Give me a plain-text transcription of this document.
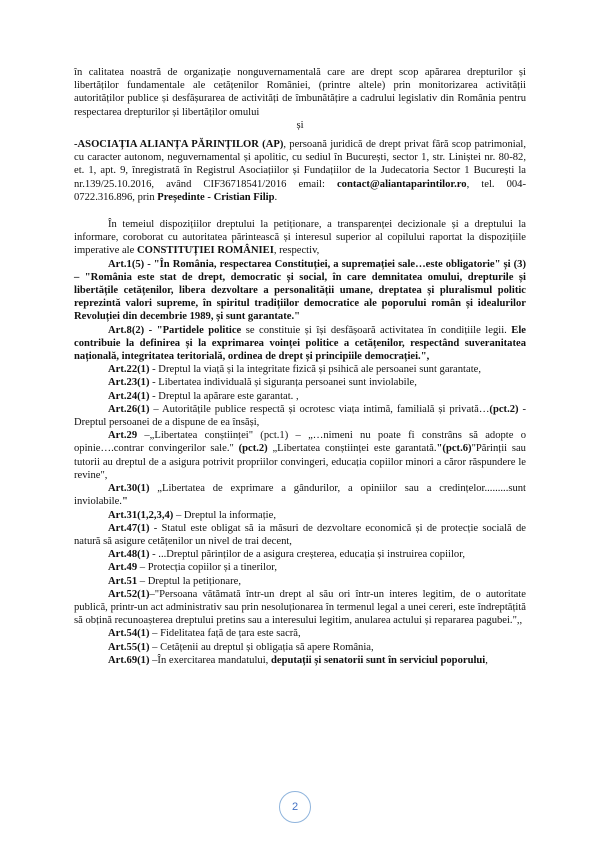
în calitatea noastră de organizație nonguvernamentală care are drept scop apărarea drepturilor și libertăților fundamentale ale cetățenilor României, (printre altele) prin monitorizarea activității autorităților publice și desfășurarea de activități de îmbunătățire a cadrului legislativ din România pentru respectarea drepturilor și libertăților omului

și

-ASOCIAȚIA ALIANȚA PĂRINȚILOR (AP), persoană juridică de drept privat fără scop patrimonial, cu caracter autonom, neguvernamental și apolitic, cu sediul în București, sector 1, str. Liniștei nr. 80-82, et. 1, apt. 9, înregistrată în Registrul Asociațiilor și Fundațiilor de la Judecatoria Sector 1 București la nr.139/25.10.2016, având CIF36718541/2016 email: contact@aliantaparintilor.ro, tel. 004-0722.316.896, prin Președinte - Cristian Filip.

În temeiul dispozițiilor dreptului la petiționare, a transparenței decizionale și a dreptului la informare, coroborat cu autoritatea părintească și interesul superior al copilului raportat la dispozițiile imperative ale CONSTITUȚIEI ROMÂNIEI, respectiv,

Art.1(5) - "În România, respectarea Constituției, a supremației sale…este obligatorie" și (3) – "România este stat de drept, democratic și social, în care demnitatea omului, drepturile și libertățile cetățenilor, libera dezvoltare a personalității umane, dreptatea și pluralismul politic reprezintă valori supreme, în spiritul tradițiilor democratice ale poporului român și idealurilor Revoluției din decembrie 1989, și sunt garantate."

Art.8(2) - "Partidele politice se constituie și își desfășoară activitatea în condițiile legii. Ele contribuie la definirea și la exprimarea voinței politice a cetățenilor, respectând suveranitatea națională, integritatea teritorială, ordinea de drept și principiile democrației.",

Art.22(1) - Dreptul la viață și la integritate fizică și psihică ale persoanei sunt garantate,

Art.23(1) - Libertatea individuală și siguranța persoanei sunt inviolabile,

Art.24(1) - Dreptul la apărare este garantat. ,

Art.26(1) – Autoritățile publice respectă și ocrotesc viața intimă, familială și privată…(pct.2) - Dreptul persoanei de a dispune de ea însăși,

Art.29 –„Libertatea conștiinței" (pct.1) – „…nimeni nu poate fi constrâns să adopte o opinie….contrar convingerilor sale." (pct.2) „Libertatea conștiinței este garantată."(pct.6)"Părinții sau tutorii au dreptul de a asigura potrivit propriilor convingeri, educația copiilor minori a căror răspundere le revine",

Art.30(1) „Libertatea de exprimare a gândurilor, a opiniilor sau a credințelor.........sunt inviolabile."

Art.31(1,2,3,4) – Dreptul la informație,

Art.47(1) - Statul este obligat să ia măsuri de dezvoltare economică și de protecție socială de natură să asigure cetățenilor un nivel de trai decent,

Art.48(1) - ...Dreptul părinților de a asigura creșterea, educația și instruirea copiilor,

Art.49 – Protecția copiilor și a tinerilor,

Art.51 – Dreptul la petiționare,

Art.52(1)–"Persoana vătămată într-un drept al său ori într-un interes legitim, de o autoritate publică, printr-un act administrativ sau prin nesoluționarea în termenul legal a unei cereri, este îndreptățită să obțină recunoașterea dreptului pretins sau a interesului legitim, anularea actului și repararea pagubei.",,

Art.54(1) – Fidelitatea față de țara este sacră,

Art.55(1) – Cetățenii au dreptul și obligația să apere România,

Art.69(1) –În exercitarea mandatului, deputații și senatorii sunt în serviciul poporului,

2
